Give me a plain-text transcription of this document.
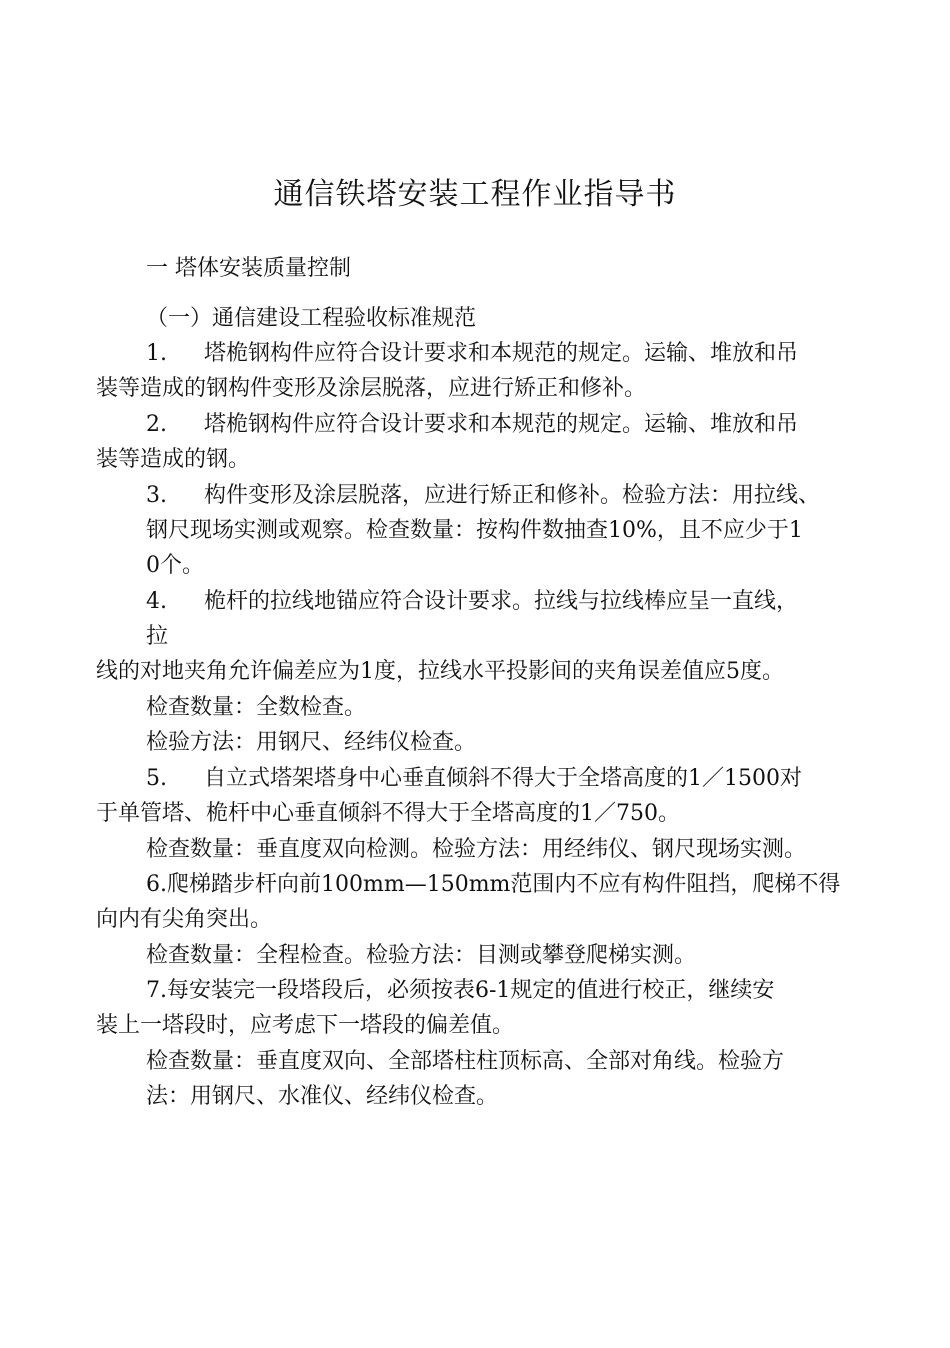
通信铁塔安装工程作业指导书
一 塔体安装质量控制
（一）通信建设工程验收标准规范
1. 塔桅钢构件应符合设计要求和本规范的规定。运输、堆放和吊
装等造成的钢构件变形及涂层脱落，应进行矫正和修补。
2. 塔桅钢构件应符合设计要求和本规范的规定。运输、堆放和吊
装等造成的钢。
3. 构件变形及涂层脱落，应进行矫正和修补。检验方法：用拉线、
钢尺现场实测或观察。检查数量：按构件数抽查10%，且不应少于1
0个。
4. 桅杆的拉线地锚应符合设计要求。拉线与拉线棒应呈一直线，
拉
线的对地夹角允许偏差应为1度，拉线水平投影间的夹角误差值应5度。
检查数量：全数检查。
检验方法：用钢尺、经纬仪检查。
5. 自立式塔架塔身中心垂直倾斜不得大于全塔高度的1／1500对
于单管塔、桅杆中心垂直倾斜不得大于全塔高度的1／750。
检查数量：垂直度双向检测。检验方法：用经纬仪、钢尺现场实测。
6.爬梯踏步杆向前100mm—150mm范围内不应有构件阻挡，爬梯不得
向内有尖角突出。
检查数量：全程检查。检验方法：目测或攀登爬梯实测。
7.每安装完一段塔段后，必须按表6-1规定的值进行校正，继续安
装上一塔段时，应考虑下一塔段的偏差值。
检查数量：垂直度双向、全部塔柱柱顶标高、全部对角线。检验方
法：用钢尺、水准仪、经纬仪检查。
